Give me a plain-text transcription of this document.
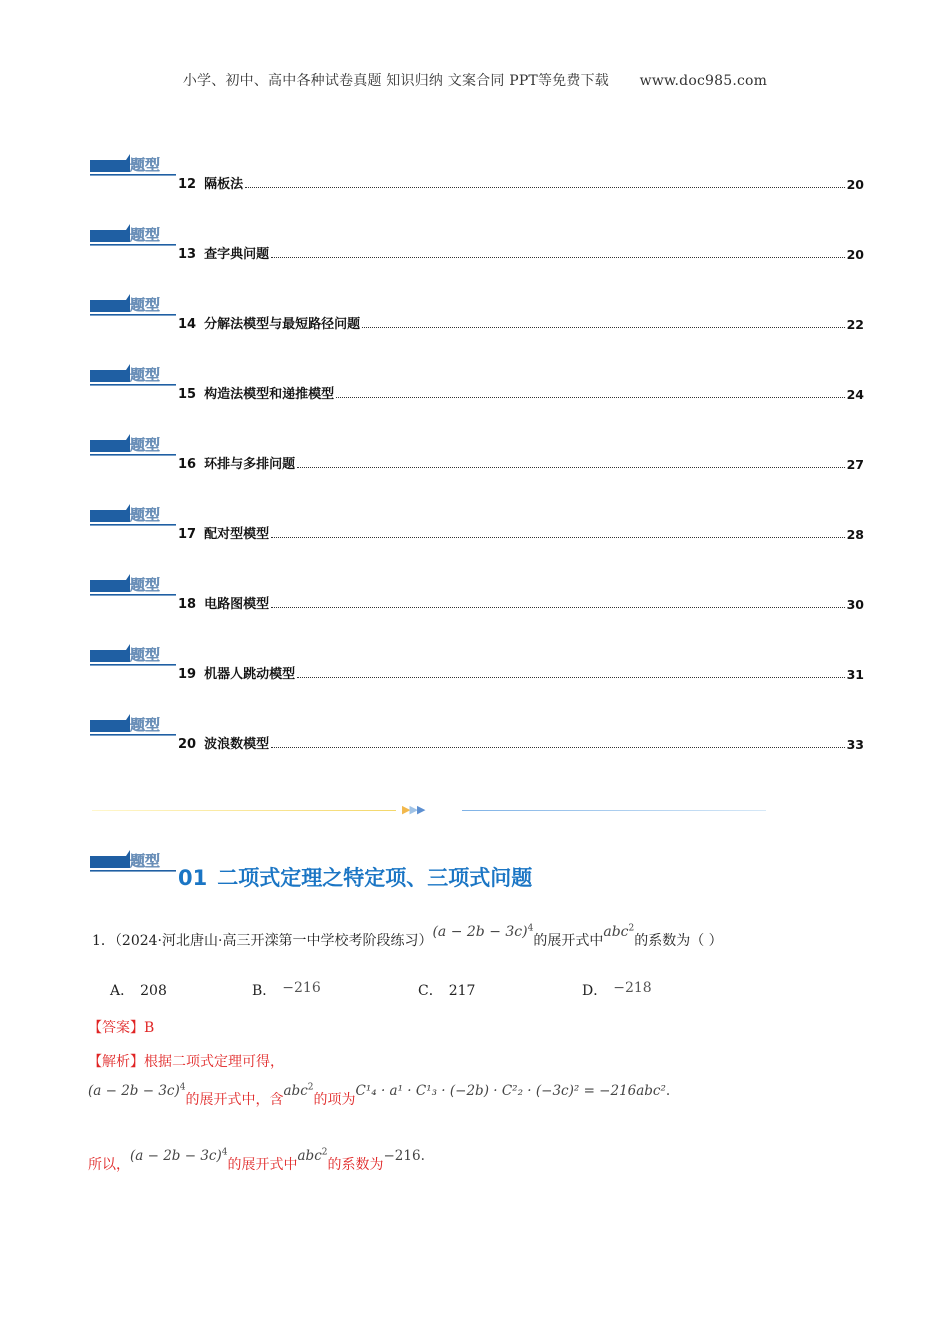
小学、初中、高中各种试卷真题 知识归纳 文案合同 PPT等免费下载 www.doc985.com
题型
12 隔板法	20
题型
13 查字典问题	20
题型
14 分解法模型与最短路径问题	22
题型
15 构造法模型和递推模型	24
题型
16 环排与多排问题	27
题型
17 配对型模型	28
题型
18 电路图模型	30
题型
19 机器人跳动模型	31
题型
20 波浪数模型	33
▶▶▶
题型
01 二项式定理之特定项、三项式问题
1．（2024·河北唐山·高三开滦第一中学校考阶段练习）$(a - 2b - 3c)^4$的展开式中abc$^2$的系数为（ ）
A． 208	B． −216	C． 217	D． −218
【答案】B
【解析】根据二项式定理可得，
$(a - 2b - 3c)^4$的展开式中，含abc$^2$的项为C¹₄ · a¹ · C¹₃ · (−2b) · C²₂ · (−3c)² = −216abc².
所以，$(a - 2b - 3c)^4$的展开式中abc$^2$的系数为−216.
